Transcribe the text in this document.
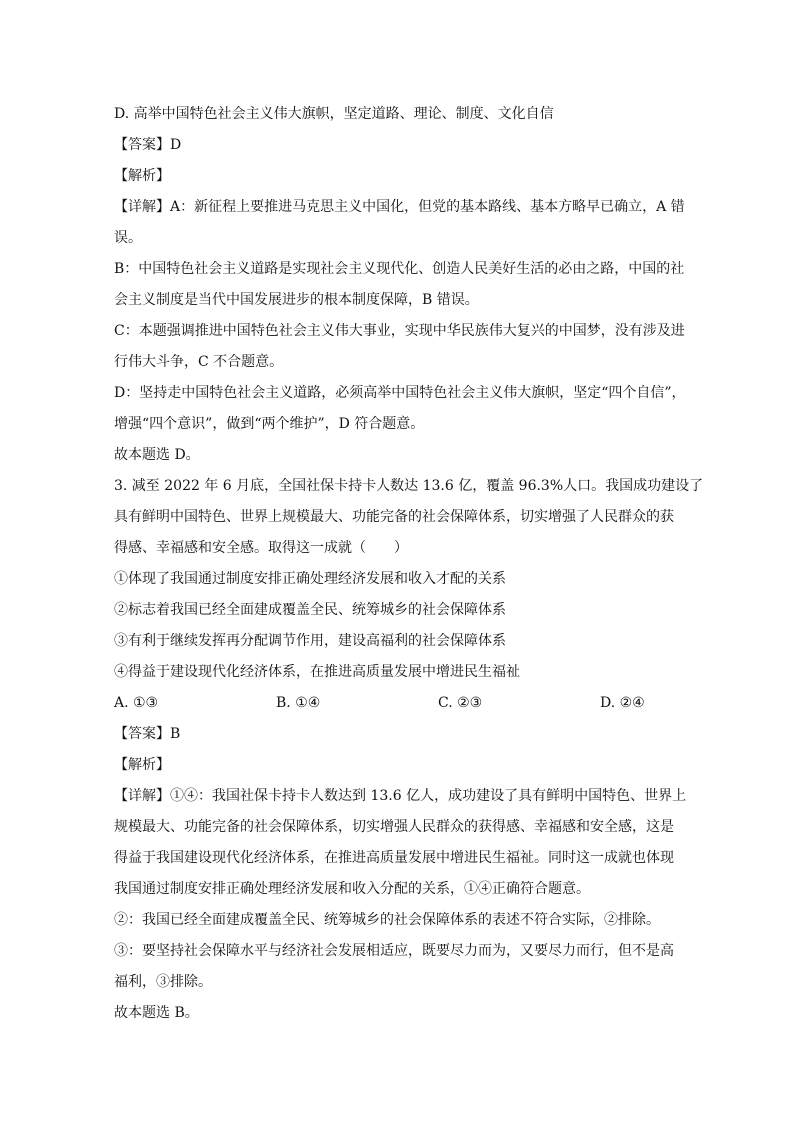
D. 高举中国特色社会主义伟大旗帜，坚定道路、理论、制度、文化自信
【答案】D
【解析】
【详解】A：新征程上要推进马克思主义中国化，但党的基本路线、基本方略早已确立，A 错
误。
B：中国特色社会主义道路是实现社会主义现代化、创造人民美好生活的必由之路，中国的社
会主义制度是当代中国发展进步的根本制度保障，B 错误。
C：本题强调推进中国特色社会主义伟大事业，实现中华民族伟大复兴的中国梦，没有涉及进
行伟大斗争，C 不合题意。
D：坚持走中国特色社会主义道路，必须高举中国特色社会主义伟大旗帜，坚定“四个自信”，
增强“四个意识”，做到“两个维护”，D 符合题意。
故本题选 D。
3. 减至 2022 年 6 月底，全国社保卡持卡人数达 13.6 亿，覆盖 96.3%人口。我国成功建设了
具有鲜明中国特色、世界上规模最大、功能完备的社会保障体系，切实增强了人民群众的获
得感、幸福感和安全感。取得这一成就（　　）
①体现了我国通过制度安排正确处理经济发展和收入才配的关系
②标志着我国已经全面建成覆盖全民、统筹城乡的社会保障体系
③有利于继续发挥再分配调节作用，建设高福利的社会保障体系
④得益于建设现代化经济体系，在推进高质量发展中增进民生福祉
A. ①③	B. ①④	C. ②③	D. ②④
【答案】B
【解析】
【详解】①④：我国社保卡持卡人数达到 13.6 亿人，成功建设了具有鲜明中国特色、世界上
规模最大、功能完备的社会保障体系，切实增强人民群众的获得感、幸福感和安全感，这是
得益于我国建设现代化经济体系，在推进高质量发展中增进民生福祉。同时这一成就也体现
我国通过制度安排正确处理经济发展和收入分配的关系，①④正确符合题意。
②：我国已经全面建成覆盖全民、统筹城乡的社会保障体系的表述不符合实际，②排除。
③：要坚持社会保障水平与经济社会发展相适应，既要尽力而为，又要尽力而行，但不是高
福利，③排除。
故本题选 B。
